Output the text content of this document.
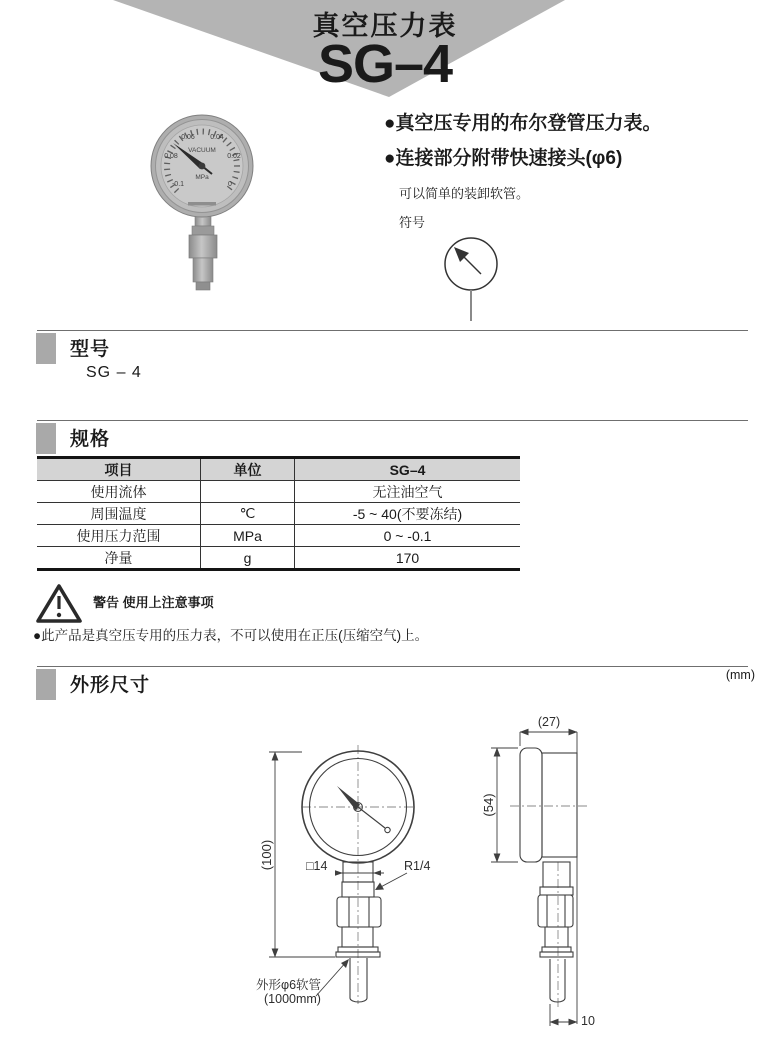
真空压力表
SG–4
VACUUM
MPa
0.06 0.04
0.08	0.02
-0.1	0
●真空压专用的布尔登管压力表。
●连接部分附带快速接头(φ6)
可以简单的装卸软管。
符号
型号
SG – 4
规格
项目	单位	SG–4
使用流体		无注油空气
周围温度	℃	-5 ~ 40(不要冻结)
使用压力范围	MPa	0 ~ -0.1
净量	g	170
警告 使用上注意事项
●此产品是真空压专用的压力表，不可以使用在正压(压缩空气)上。
外形尺寸	(mm)
(100)	□14	R1/4
外形φ6软管
(1000mm)
(27)
(54)
10
